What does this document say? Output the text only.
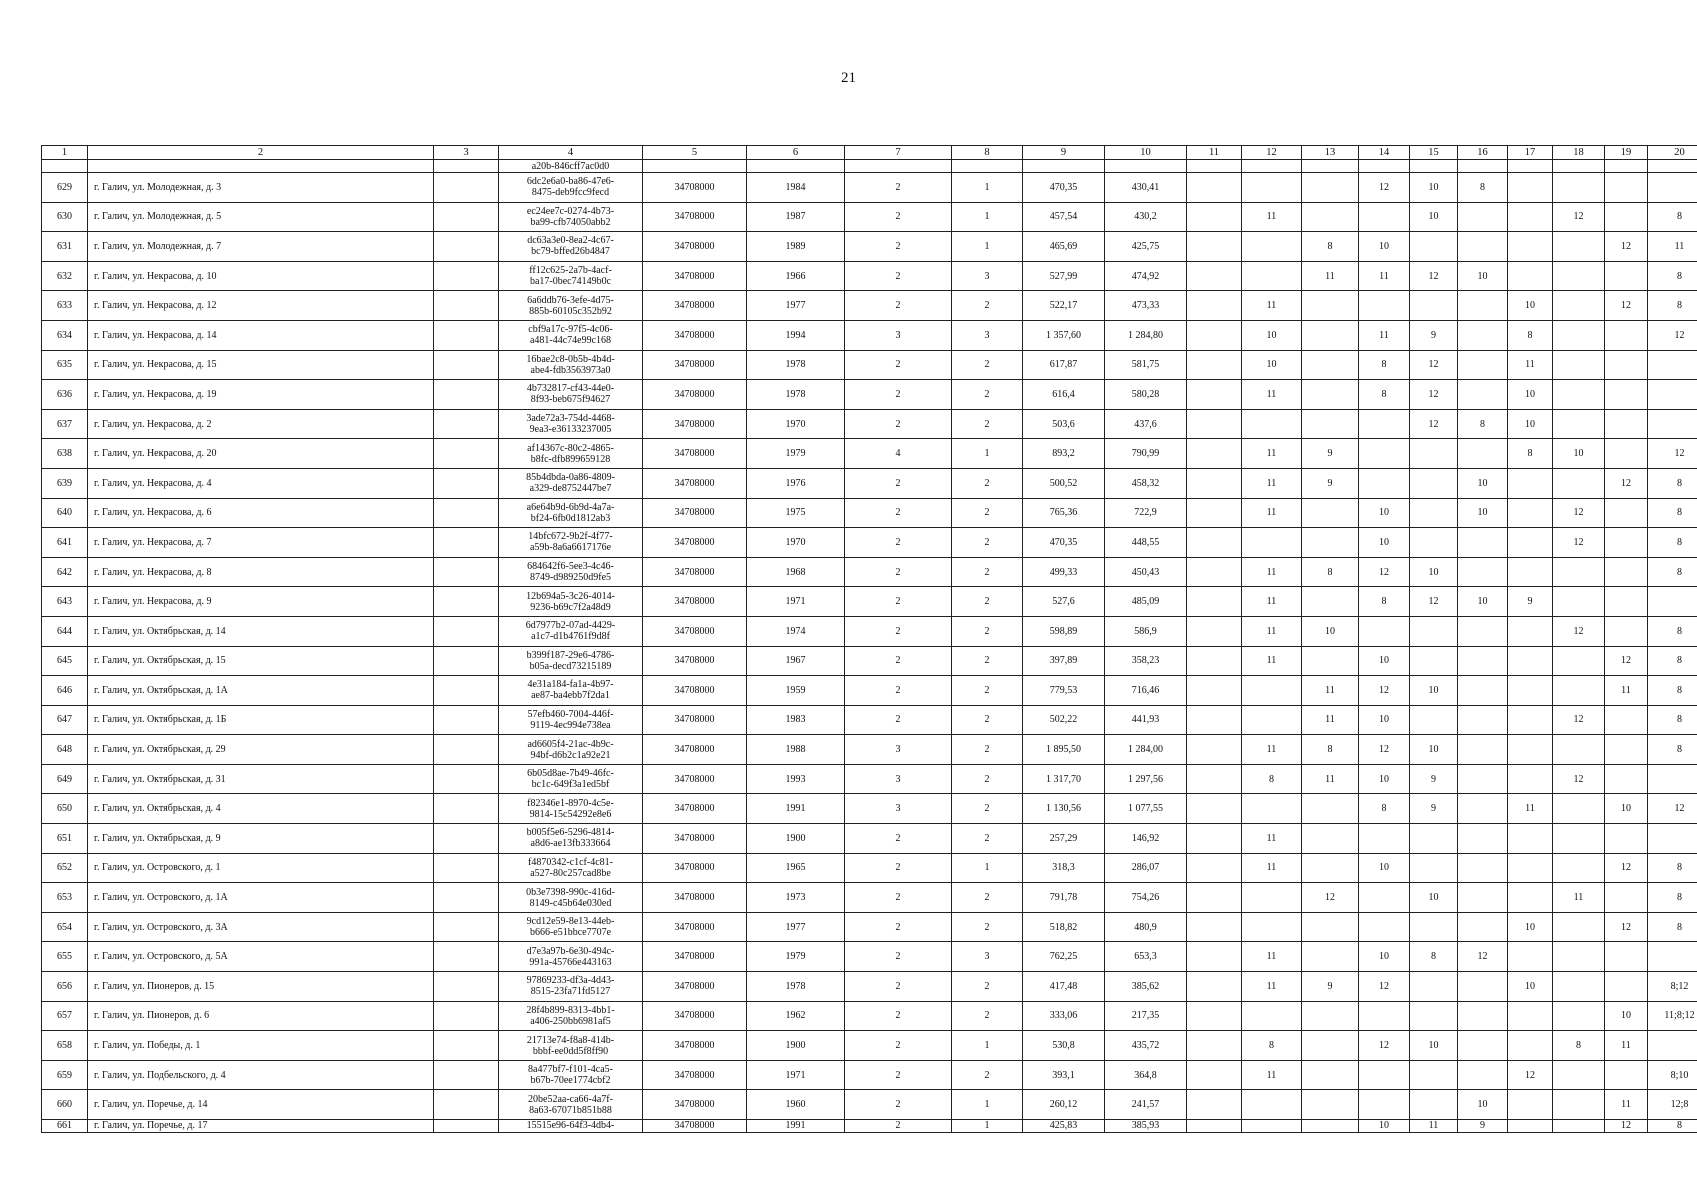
21
1	2	3	4	5	6	7	8	9	10	11	12	13	14	15	16	17	18	19	20
			a20b-846cff7ac0d0																
629	г. Галич, ул. Молодежная, д. 3		6dc2e6a0-ba86-47e6-
8475-deb9fcc9fecd	34708000	1984	2	1	470,35	430,41				12	10	8				
630	г. Галич, ул. Молодежная, д. 5		ec24ee7c-0274-4b73-
ba99-cfb74050abb2	34708000	1987	2	1	457,54	430,2		11			10			12		8
631	г. Галич, ул. Молодежная, д. 7		dc63a3e0-8ea2-4c67-
bc79-bffed26b4847	34708000	1989	2	1	465,69	425,75			8	10					12	11
632	г. Галич, ул. Некрасова, д. 10		ff12c625-2a7b-4acf-
ba17-0bec74149b0c	34708000	1966	2	3	527,99	474,92			11	11	12	10				8
633	г. Галич, ул. Некрасова, д. 12		6a6ddb76-3efe-4d75-
885b-60105c352b92	34708000	1977	2	2	522,17	473,33		11					10		12	8
634	г. Галич, ул. Некрасова, д. 14		cbf9a17c-97f5-4c06-
a481-44c74e99c168	34708000	1994	3	3	1 357,60	1 284,80		10		11	9		8			12
635	г. Галич, ул. Некрасова, д. 15		16bae2c8-0b5b-4b4d-
abe4-fdb3563973a0	34708000	1978	2	2	617,87	581,75		10		8	12		11			
636	г. Галич, ул. Некрасова, д. 19		4b732817-cf43-44e0-
8f93-beb675f94627	34708000	1978	2	2	616,4	580,28		11		8	12		10			
637	г. Галич, ул. Некрасова, д. 2		3ade72a3-754d-4468-
9ea3-e36133237005	34708000	1970	2	2	503,6	437,6					12	8	10			
638	г. Галич, ул. Некрасова, д. 20		af14367c-80c2-4865-
b8fc-dfb899659128	34708000	1979	4	1	893,2	790,99		11	9				8	10		12
639	г. Галич, ул. Некрасова, д. 4		85b4dbda-0a86-4809-
a329-de8752447be7	34708000	1976	2	2	500,52	458,32		11	9			10			12	8
640	г. Галич, ул. Некрасова, д. 6		a6e64b9d-6b9d-4a7a-
bf24-6fb0d1812ab3	34708000	1975	2	2	765,36	722,9		11		10		10		12		8
641	г. Галич, ул. Некрасова, д. 7		14bfc672-9b2f-4f77-
a59b-8a6a6617176e	34708000	1970	2	2	470,35	448,55				10				12		8
642	г. Галич, ул. Некрасова, д. 8		684642f6-5ee3-4c46-
8749-d989250d9fe5	34708000	1968	2	2	499,33	450,43		11	8	12	10					8
643	г. Галич, ул. Некрасова, д. 9		12b694a5-3c26-4014-
9236-b69c7f2a48d9	34708000	1971	2	2	527,6	485,09		11		8	12	10	9			
644	г. Галич, ул. Октябрьская, д. 14		6d7977b2-07ad-4429-
a1c7-d1b4761f9d8f	34708000	1974	2	2	598,89	586,9		11	10					12		8
645	г. Галич, ул. Октябрьская, д. 15		b399f187-29e6-4786-
b05a-decd73215189	34708000	1967	2	2	397,89	358,23		11		10					12	8
646	г. Галич, ул. Октябрьская, д. 1А		4e31a184-fa1a-4b97-
ae87-ba4ebb7f2da1	34708000	1959	2	2	779,53	716,46			11	12	10				11	8
647	г. Галич, ул. Октябрьская, д. 1Б		57efb460-7004-446f-
9119-4ec994e738ea	34708000	1983	2	2	502,22	441,93			11	10				12		8
648	г. Галич, ул. Октябрьская, д. 29		ad6605f4-21ac-4b9c-
94bf-d6b2c1a92e21	34708000	1988	3	2	1 895,50	1 284,00		11	8	12	10					8
649	г. Галич, ул. Октябрьская, д. 31		6b05d8ae-7b49-46fc-
bc1c-649f3a1ed5bf	34708000	1993	3	2	1 317,70	1 297,56		8	11	10	9			12		
650	г. Галич, ул. Октябрьская, д. 4		f82346e1-8970-4c5e-
9814-15c54292e8e6	34708000	1991	3	2	1 130,56	1 077,55				8	9		11		10	12
651	г. Галич, ул. Октябрьская, д. 9		b005f5e6-5296-4814-
a8d6-ae13fb333664	34708000	1900	2	2	257,29	146,92		11								
652	г. Галич, ул. Островского, д. 1		f4870342-c1cf-4c81-
a527-80c257cad8be	34708000	1965	2	1	318,3	286,07		11		10					12	8
653	г. Галич, ул. Островского, д. 1А		0b3e7398-990c-416d-
8149-c45b64e030ed	34708000	1973	2	2	791,78	754,26			12		10			11		8
654	г. Галич, ул. Островского, д. 3А		9cd12e59-8e13-44eb-
b666-e51bbce7707e	34708000	1977	2	2	518,82	480,9							10		12	8
655	г. Галич, ул. Островского, д. 5А		d7e3a97b-6e30-494c-
991a-45766e443163	34708000	1979	2	3	762,25	653,3		11		10	8	12				
656	г. Галич, ул. Пионеров, д. 15		97869233-df3a-4d43-
8515-23fa71fd5127	34708000	1978	2	2	417,48	385,62		11	9	12			10			8;12
657	г. Галич, ул. Пионеров, д. 6		28f4b899-8313-4bb1-
a406-250bb6981af5	34708000	1962	2	2	333,06	217,35									10	11;8;12
658	г. Галич, ул. Победы, д. 1		21713e74-f8a8-414b-
bbbf-ee0dd5f8ff90	34708000	1900	2	1	530,8	435,72		8		12	10			8	11	
659	г. Галич, ул. Подбельского, д. 4		8a477bf7-f101-4ca5-
b67b-70ee1774cbf2	34708000	1971	2	2	393,1	364,8		11					12			8;10
660	г. Галич, ул. Поречье, д. 14		20be52aa-ca66-4a7f-
8a63-67071b851b88	34708000	1960	2	1	260,12	241,57						10			11	12;8
661	г. Галич, ул. Поречье, д. 17		15515e96-64f3-4db4-	34708000	1991	2	1	425,83	385,93				10	11	9			12	8
